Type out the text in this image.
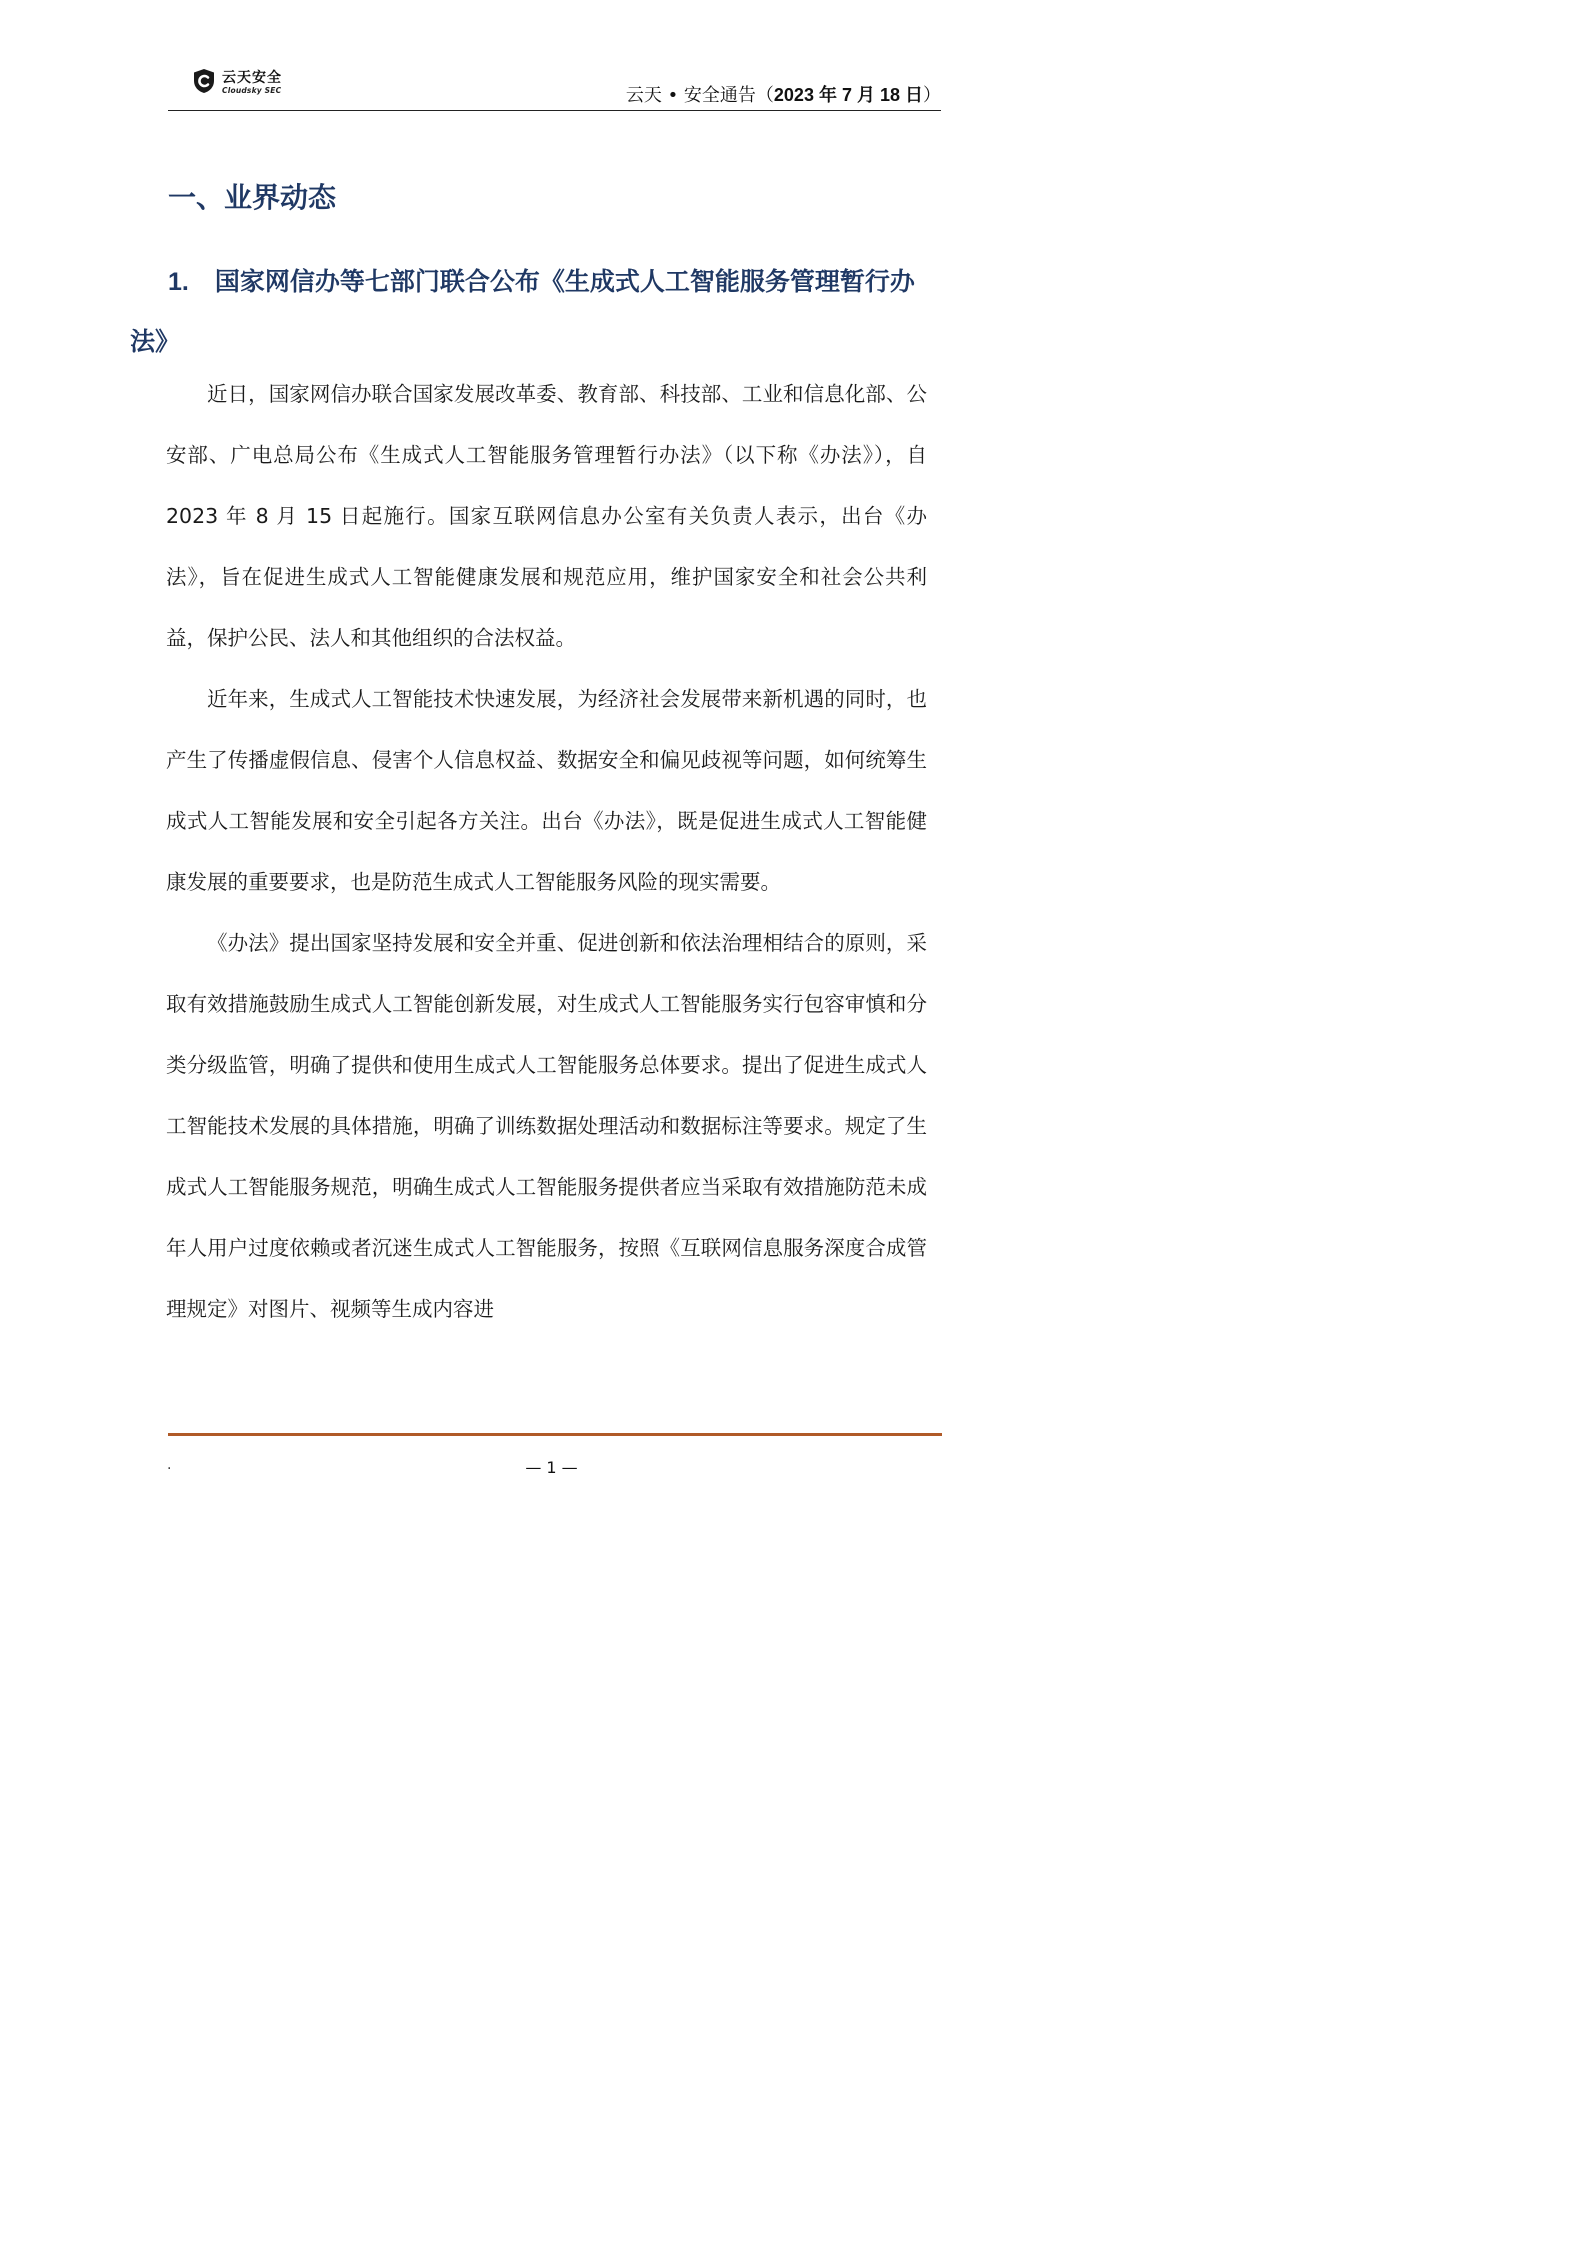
云天安全
Cloudsky SEC	云天 • 安全通告（2023 年 7 月 18 日）
一、业界动态
1. 国家网信办等七部门联合公布《生成式人工智能服务管理暂行办法》

近日，国家网信办联合国家发展改革委、教育部、科技部、工业和信息化部、公安部、广电总局公布《生成式人工智能服务管理暂行办法》（以下称《办法》），自 2023 年 8 月 15 日起施行。国家互联网信息办公室有关负责人表示，出台《办法》，旨在促进生成式人工智能健康发展和规范应用，维护国家安全和社会公共利益，保护公民、法人和其他组织的合法权益。

近年来，生成式人工智能技术快速发展，为经济社会发展带来新机遇的同时，也产生了传播虚假信息、侵害个人信息权益、数据安全和偏见歧视等问题，如何统筹生成式人工智能发展和安全引起各方关注。出台《办法》，既是促进生成式人工智能健康发展的重要要求，也是防范生成式人工智能服务风险的现实需要。

《办法》提出国家坚持发展和安全并重、促进创新和依法治理相结合的原则，采取有效措施鼓励生成式人工智能创新发展，对生成式人工智能服务实行包容审慎和分类分级监管，明确了提供和使用生成式人工智能服务总体要求。提出了促进生成式人工智能技术发展的具体措施，明确了训练数据处理活动和数据标注等要求。规定了生成式人工智能服务规范，明确生成式人工智能服务提供者应当采取有效措施防范未成年人用户过度依赖或者沉迷生成式人工智能服务，按照《互联网信息服务深度合成管理规定》对图片、视频等生成内容进

.	— 1 —
